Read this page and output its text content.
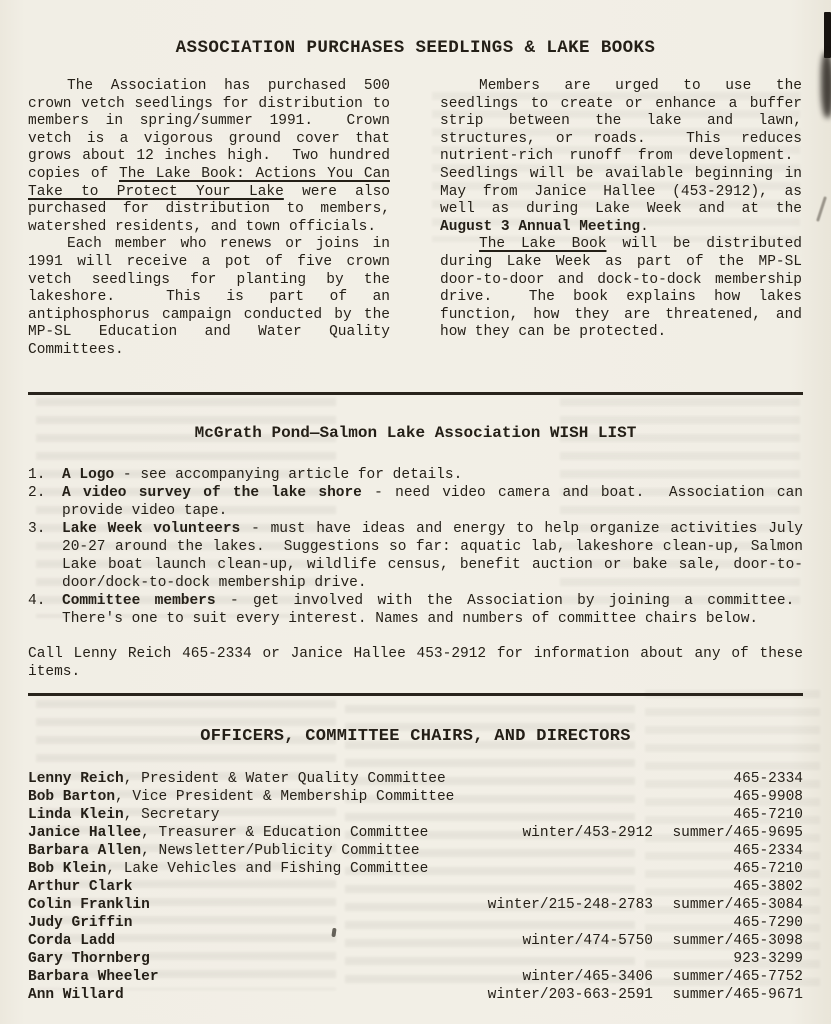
ASSOCIATION PURCHASES SEEDLINGS & LAKE BOOKS

The Association has purchased 500 crown vetch seedlings for distribution to members in spring/summer 1991.  Crown vetch is a vigorous ground cover that grows about 12 inches high.  Two hundred copies of The Lake Book: Actions You Can Take to Protect Your Lake were also purchased for distribution to members, watershed residents, and town officials.

Each member who renews or joins in 1991 will receive a pot of five crown vetch seedlings for planting by the lakeshore.  This is part of an antiphosphorus campaign conducted by the MP-SL Education and Water Quality Committees.

Members are urged to use the seedlings to create or enhance a buffer strip between the lake and lawn, structures, or roads.  This reduces nutrient-rich runoff from development.  Seedlings will be available beginning in May from Janice Hallee (453-2912), as well as during Lake Week and at the August 3 Annual Meeting.

The Lake Book will be distributed during Lake Week as part of the MP-SL door-to-door and dock-to-dock membership drive.  The book explains how lakes function, how they are threatened, and how they can be protected.

McGrath Pond—Salmon Lake Association WISH LIST
1.	A Logo - see accompanying article for details.
2.	A video survey of the lake shore - need video camera and boat.  Association can provide video tape.
3.	Lake Week volunteers - must have ideas and energy to help organize activities July 20-27 around the lakes.  Suggestions so far: aquatic lab, lakeshore clean-up, Salmon Lake boat launch clean-up, wildlife census, benefit auction or bake sale, door-to-door/dock-to-dock membership drive.
4.	Committee members - get involved with the Association by joining a committee.  There's one to suit every interest. Names and numbers of committee chairs below.

Call Lenny Reich 465-2334 or Janice Hallee 453-2912 for information about any of these items.

OFFICERS, COMMITTEE CHAIRS, AND DIRECTORS
Lenny Reich, President & Water Quality Committee	465-2334
Bob Barton, Vice President & Membership Committee	465-9908
Linda Klein, Secretary	465-7210
Janice Hallee, Treasurer & Education Committee	winter/453-2912	summer/465-9695
Barbara Allen, Newsletter/Publicity Committee	465-2334
Bob Klein, Lake Vehicles and Fishing Committee	465-7210
Arthur Clark	465-3802
Colin Franklin	winter/215-248-2783	summer/465-3084
Judy Griffin	465-7290
Corda Ladd	winter/474-5750	summer/465-3098
Gary Thornberg	923-3299
Barbara Wheeler	winter/465-3406	summer/465-7752
Ann Willard	winter/203-663-2591	summer/465-9671
